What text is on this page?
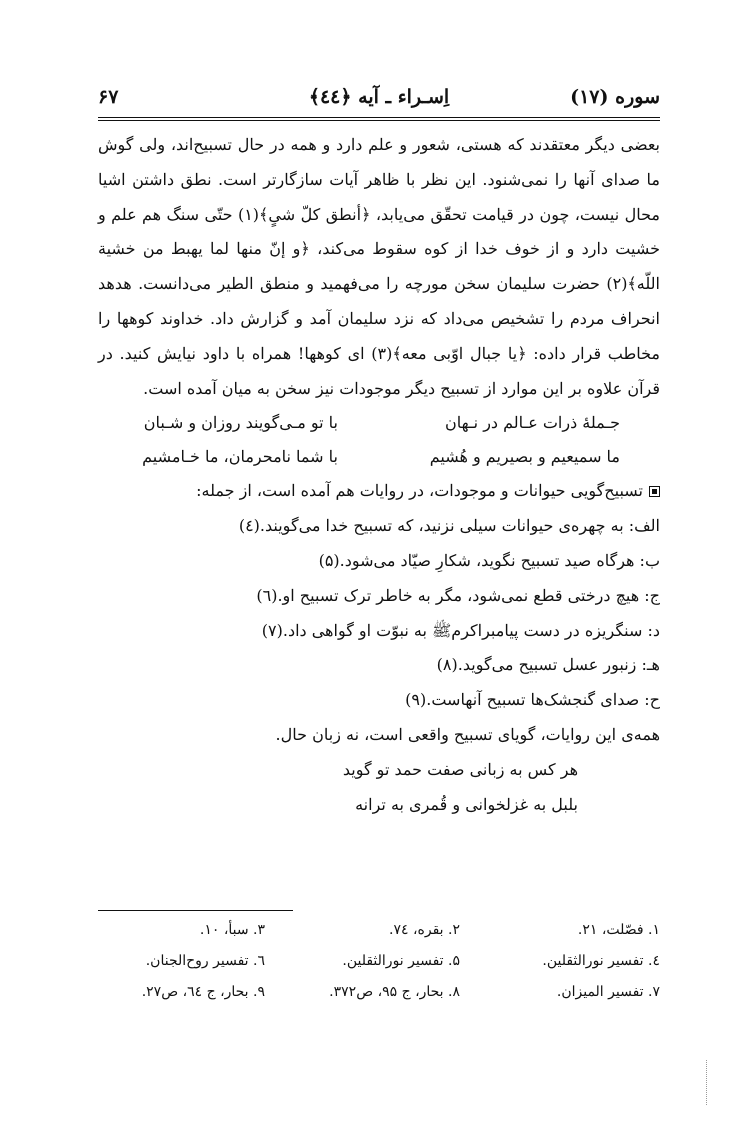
سوره (۱۷)
اِسـراء ـ آیه ﴿٤٤﴾
۶۷

بعضی دیگر معتقدند که هستی، شعور و علم دارد و همه در حال تسبیح‌اند، ولی گوش ما صدای آنها را نمی‌شنود. این نظر با ظاهر آیات سازگارتر است. نطق داشتن اشیا محال نیست، چون در قیامت تحقّق می‌یابد، ﴿أنطق کلّ شیٍ﴾(۱) حتّی سنگ هم علم و خشیت دارد و از خوف خدا از کوه سقوط می‌کند، ﴿و إنّ منها لما یهبط من خشیة اللّه﴾(۲) حضرت سلیمان سخن مورچه را می‌فهمید و منطق الطیر می‌دانست. هدهد انحراف مردم را تشخیص می‌داد که نزد سلیمان آمد و گزارش داد. خداوند کوهها را مخاطب قرار داده: ﴿یا جبال اوّبی معه﴾(۳) ای کوهها! همراه با داود نیایش کنید. در قرآن علاوه بر این موارد از تسبیح دیگر موجودات نیز سخن به میان آمده است.

جـملهٔ ذرات عـالم در نـهان
با تو مـی‌گویند روزان و شـبان
ما سمیعیم و بصیریم و هُشیم
با شما نامحرمان، ما خـامشیم

تسبیح‌گویی حیوانات و موجودات، در روایات هم آمده است، از جمله:

الف: به چهره‌ی حیوانات سیلی نزنید، که تسبیح خدا می‌گویند.(٤)

ب: هرگاه صید تسبیح نگوید، شکارِ صیّاد می‌شود.(۵)

ج: هیچ درختی قطع نمی‌شود، مگر به خاطر ترک تسبیح او.(٦)

د: سنگریزه در دست پیامبراکرمﷺ به نبوّت او گواهی داد.(۷)

هـ: زنبور عسل تسبیح می‌گوید.(۸)

ح: صدای گنجشک‌ها تسبیح آنهاست.(۹)

همه‌ی این روایات، گویای تسبیح واقعی است، نه زبان حال.

هر کس به زبانی صفت حمد تو گوید

بلبل به غزلخوانی و قُمری به ترانه

۱. فصّلت، ۲۱.
۲. بقره، ۷٤.
۳. سبأ، ۱۰.
٤. تفسیر نورالثقلین.
۵. تفسیر نورالثقلین.
٦. تفسیر روح‌الجنان.
۷. تفسیر المیزان.
۸. بحار، ج ۹۵، ص۳۷۲.
۹. بحار، ج ٦٤، ص۲۷.
